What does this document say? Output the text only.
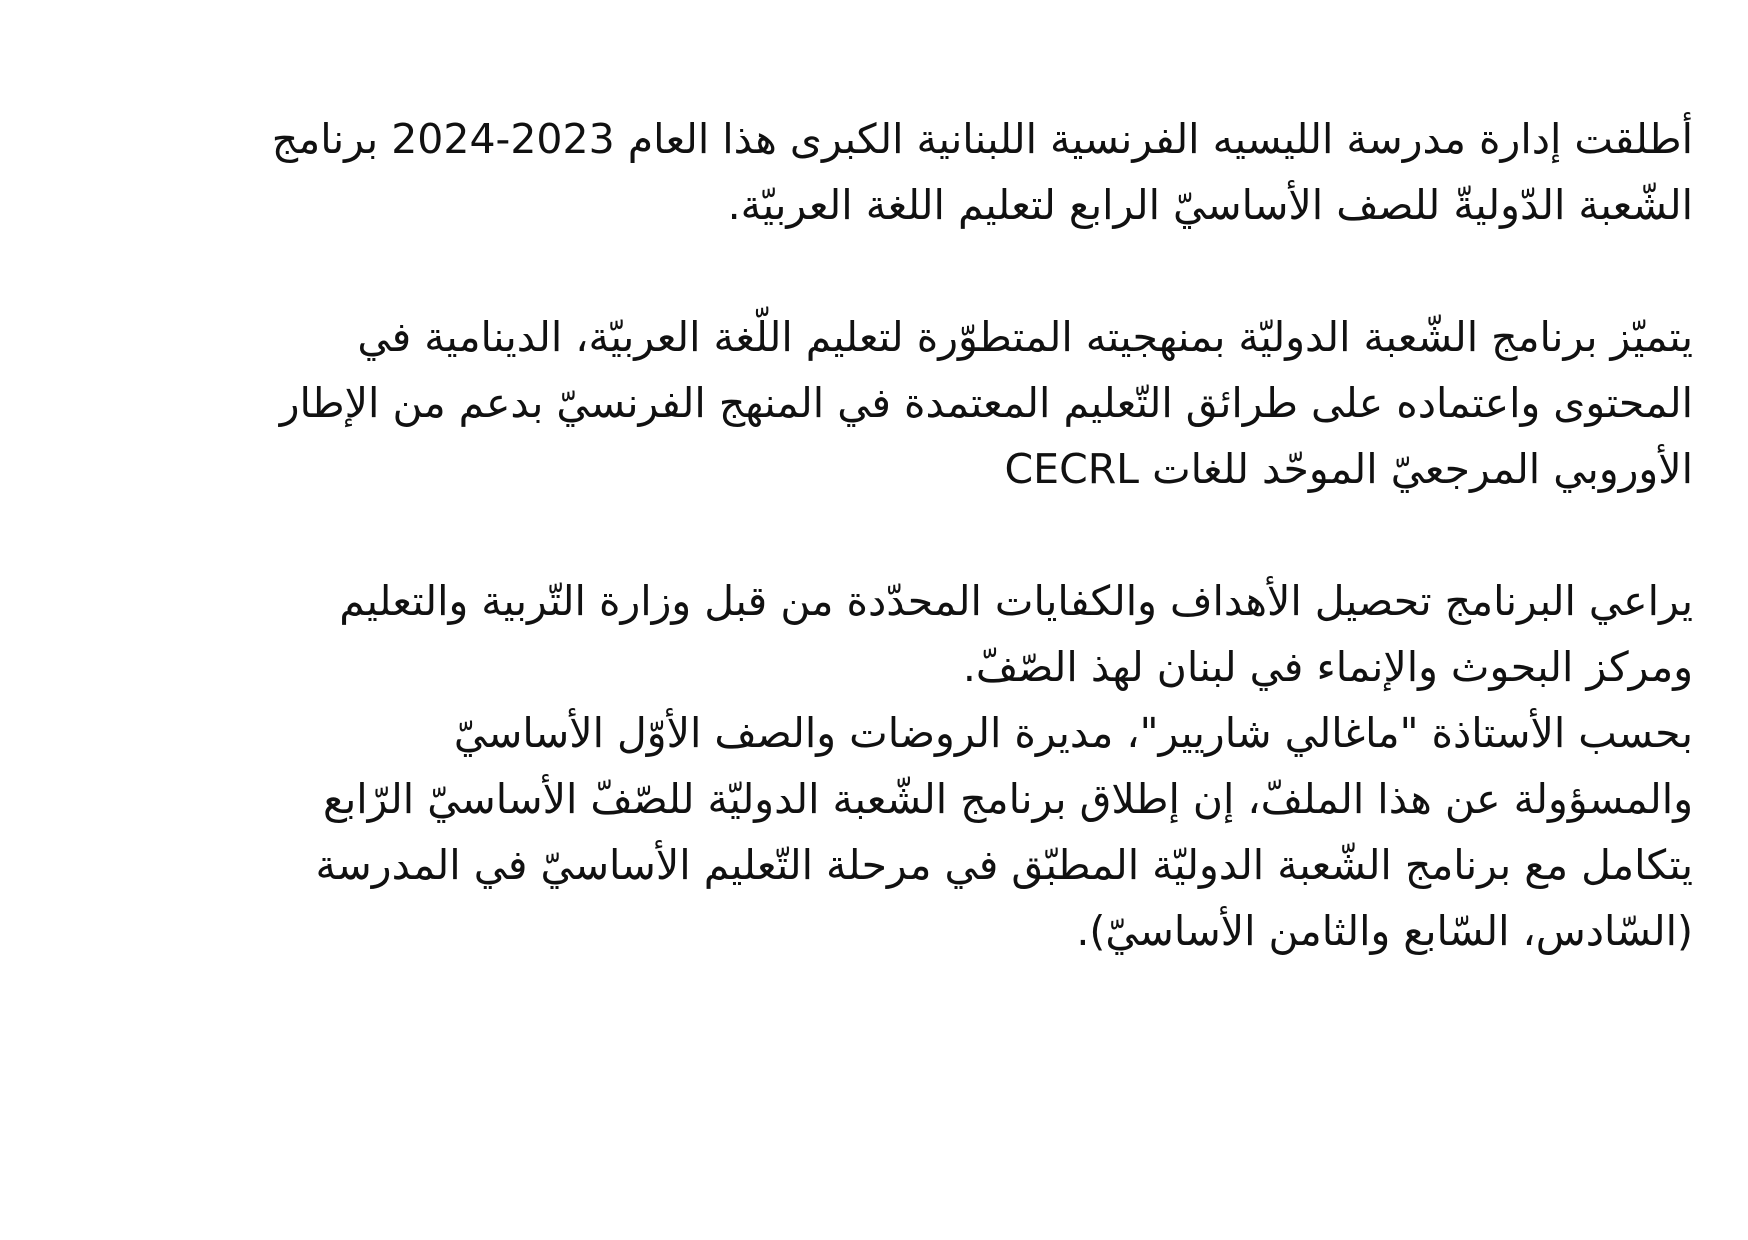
أطلقت إدارة مدرسة الليسيه الفرنسية اللبنانية الكبرى هذا العام 2023-2024 برنامج
الشّعبة الدّوليةّ للصف الأساسيّ الرابع لتعليم اللغة العربيّة.
يتميّز برنامج الشّعبة الدوليّة بمنهجيته المتطوّرة لتعليم اللّغة العربيّة، الدينامية في
المحتوى واعتماده على طرائق التّعليم المعتمدة في المنهج الفرنسيّ بدعم من الإطار
الأوروبي المرجعيّ الموحّد للغات CECRL
يراعي البرنامج تحصيل الأهداف والكفايات المحدّدة من قبل وزارة التّربية والتعليم
ومركز البحوث والإنماء في لبنان لهذ الصّفّ.
بحسب الأستاذة "ماغالي شاريير"، مديرة الروضات والصف الأوّل الأساسيّ
والمسؤولة عن هذا الملفّ، إن إطلاق برنامج الشّعبة الدوليّة للصّفّ الأساسيّ الرّابع
يتكامل مع برنامج الشّعبة الدوليّة المطبّق في مرحلة التّعليم الأساسيّ في المدرسة
(السّادس، السّابع والثامن الأساسيّ).
